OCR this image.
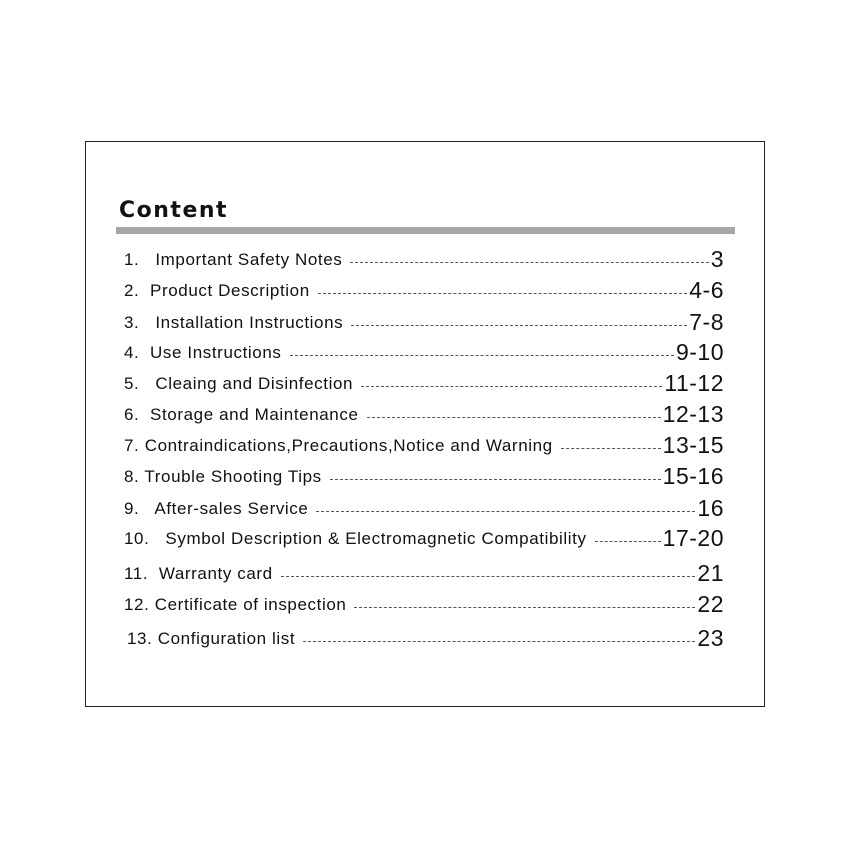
Content
1.   Important Safety Notes	3
2.  Product Description	4-6
3.   Installation Instructions	7-8
4.  Use Instructions	9-10
5.   Cleaing and Disinfection	11-12
6.  Storage and Maintenance	12-13
7. Contraindications,Precautions,Notice and Warning	13-15
8. Trouble Shooting Tips	15-16
9.   After-sales Service	16
10.   Symbol Description & Electromagnetic Compatibility	17-20
11.  Warranty card	21
12. Certificate of inspection	22
13. Configuration list	23
